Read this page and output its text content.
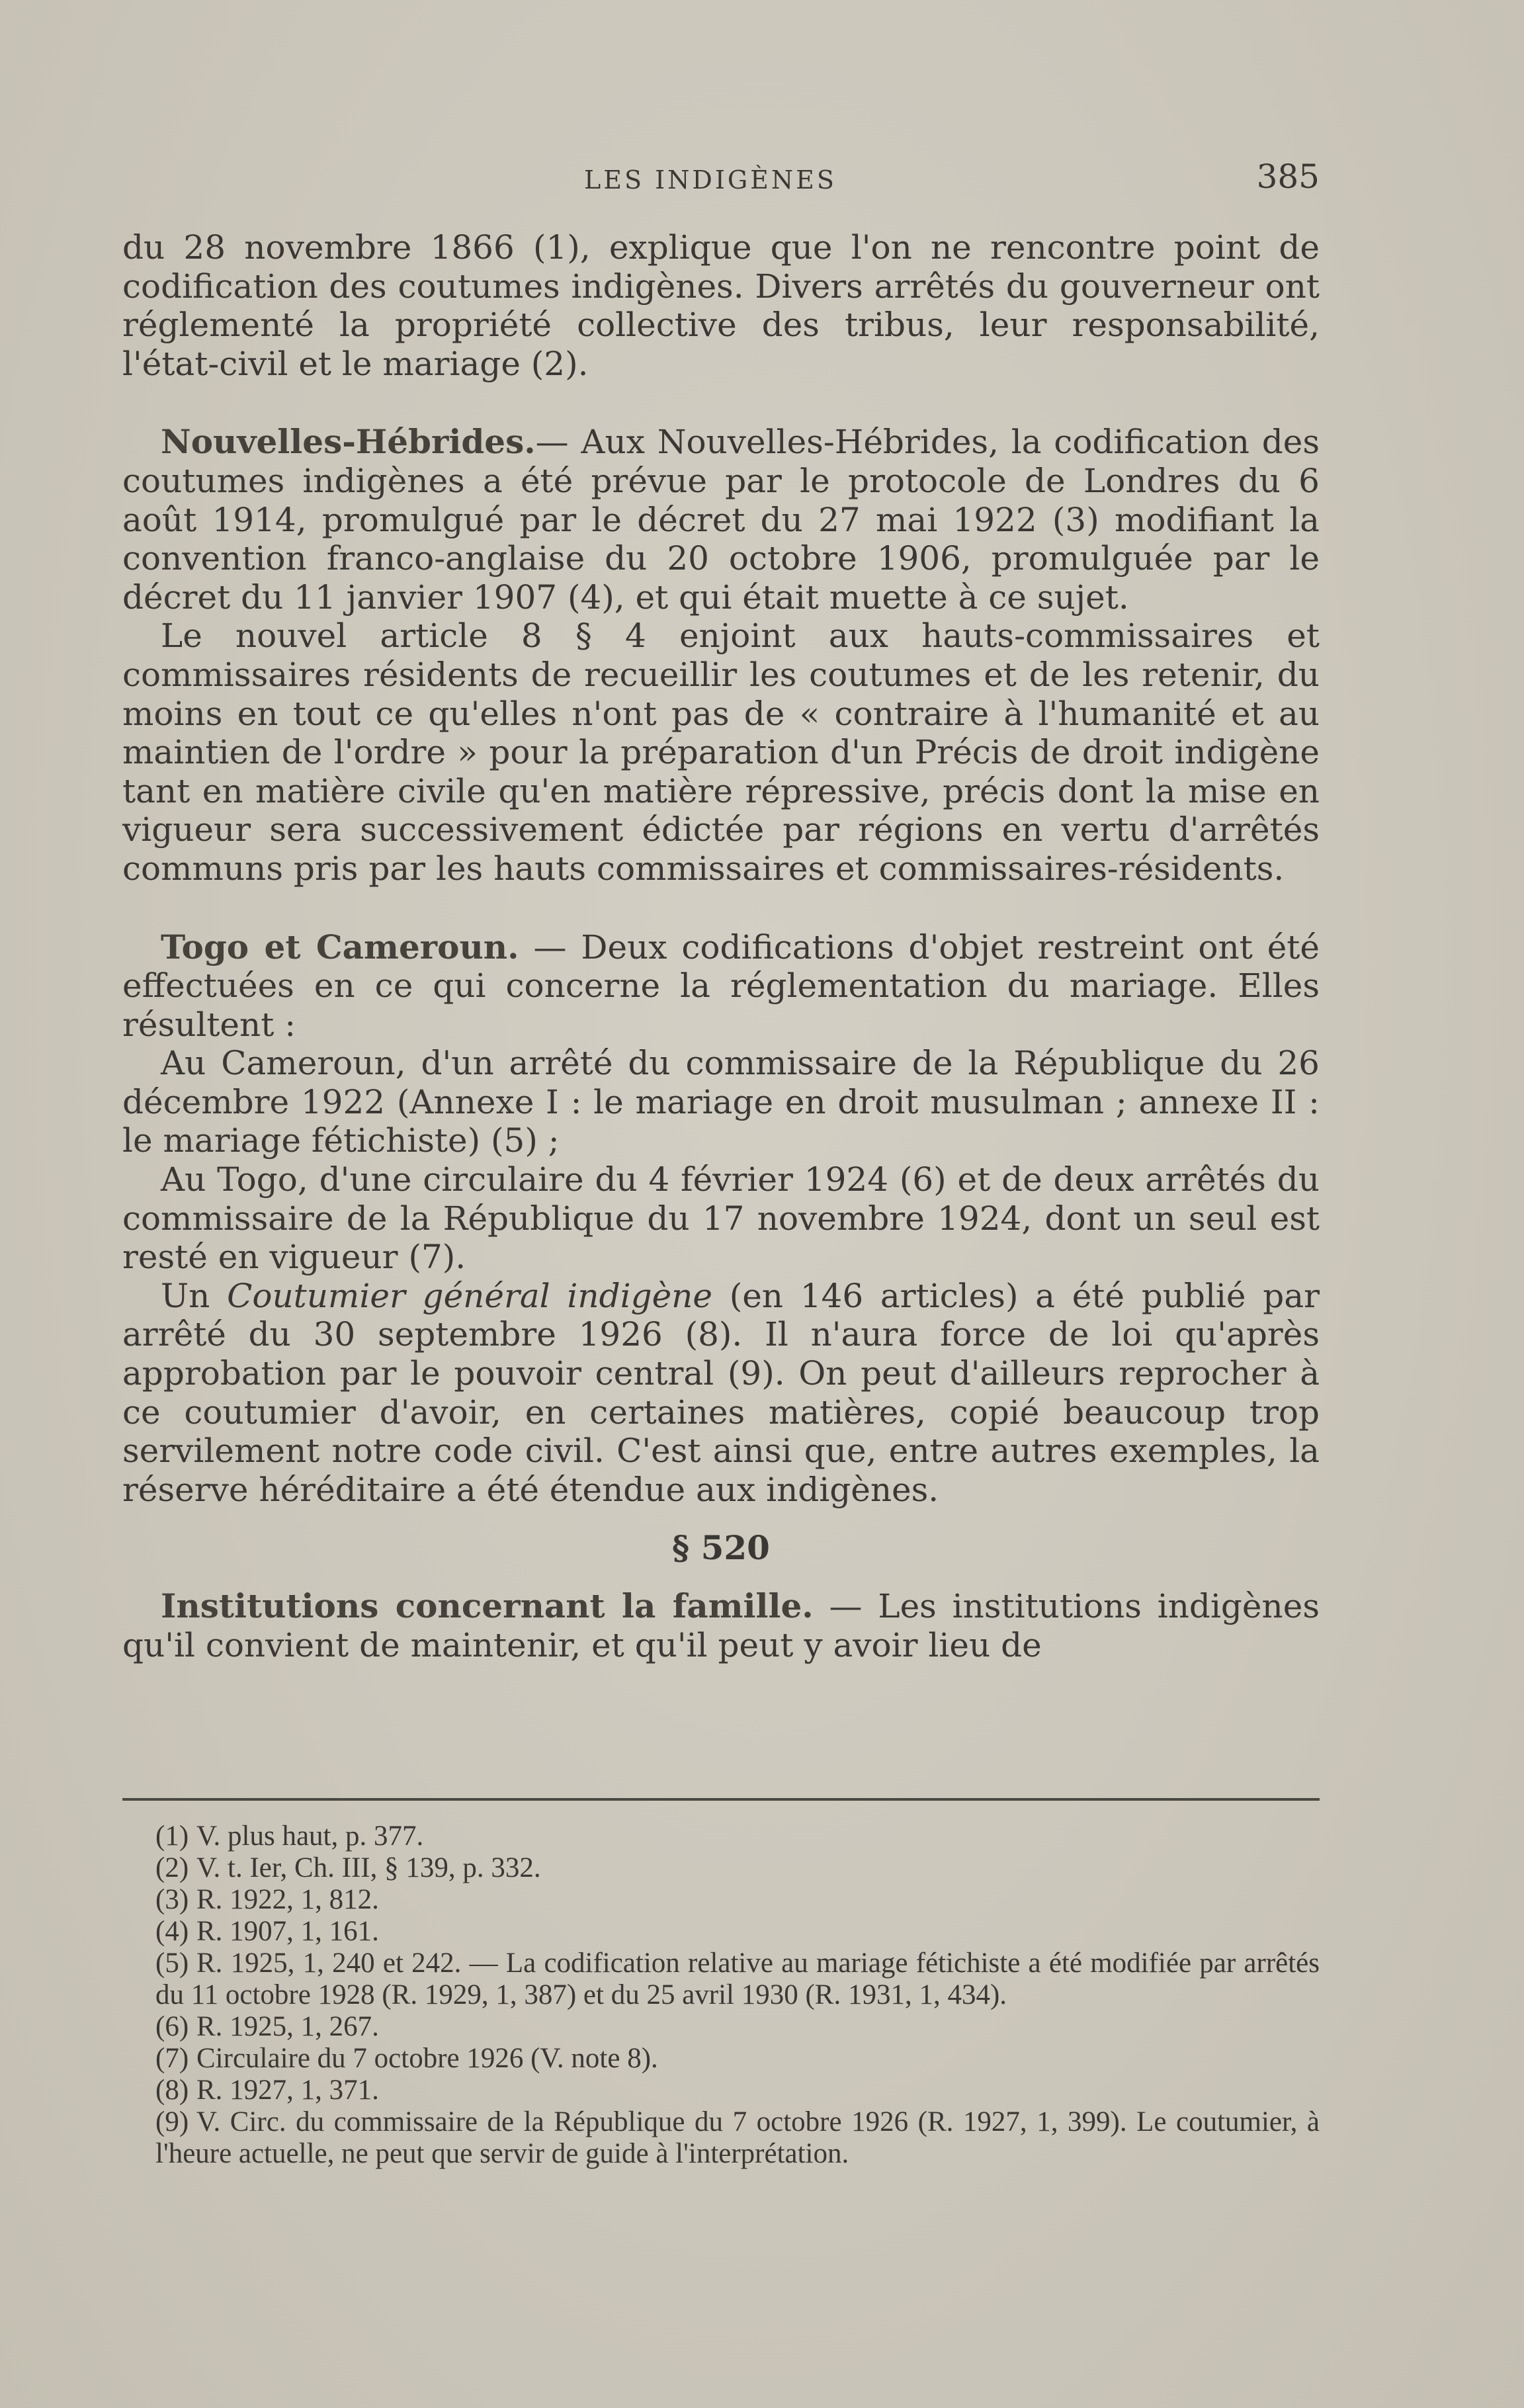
LES INDIGÈNES	385

du 28 novembre 1866 (1), explique que l'on ne rencontre point de codification des coutumes indigènes. Divers arrêtés du gouverneur ont réglementé la propriété collective des tribus, leur responsabilité, l'état-civil et le mariage (2).

Nouvelles-Hébrides.— Aux Nouvelles-Hébrides, la codification des coutumes indigènes a été prévue par le protocole de Londres du 6 août 1914, promulgué par le décret du 27 mai 1922 (3) modifiant la convention franco-anglaise du 20 octobre 1906, promulguée par le décret du 11 janvier 1907 (4), et qui était muette à ce sujet.

Le nouvel article 8 § 4 enjoint aux hauts-commissaires et commissaires résidents de recueillir les coutumes et de les retenir, du moins en tout ce qu'elles n'ont pas de « contraire à l'humanité et au maintien de l'ordre » pour la préparation d'un Précis de droit indigène tant en matière civile qu'en matière répressive, précis dont la mise en vigueur sera successivement édictée par régions en vertu d'arrêtés communs pris par les hauts commissaires et commissaires-résidents.

Togo et Cameroun. — Deux codifications d'objet restreint ont été effectuées en ce qui concerne la réglementation du mariage. Elles résultent :

Au Cameroun, d'un arrêté du commissaire de la République du 26 décembre 1922 (Annexe I : le mariage en droit musulman ; annexe II : le mariage fétichiste) (5) ;

Au Togo, d'une circulaire du 4 février 1924 (6) et de deux arrêtés du commissaire de la République du 17 novembre 1924, dont un seul est resté en vigueur (7).

Un Coutumier général indigène (en 146 articles) a été publié par arrêté du 30 septembre 1926 (8). Il n'aura force de loi qu'après approbation par le pouvoir central (9). On peut d'ailleurs reprocher à ce coutumier d'avoir, en certaines matières, copié beaucoup trop servilement notre code civil. C'est ainsi que, entre autres exemples, la réserve héréditaire a été étendue aux indigènes.

§ 520

Institutions concernant la famille. — Les institutions indigènes qu'il convient de maintenir, et qu'il peut y avoir lieu de

(1) V. plus haut, p. 377.

(2) V. t. Ier, Ch. III, § 139, p. 332.

(3) R. 1922, 1, 812.

(4) R. 1907, 1, 161.

(5) R. 1925, 1, 240 et 242. — La codification relative au mariage fétichiste a été modifiée par arrêtés du 11 octobre 1928 (R. 1929, 1, 387) et du 25 avril 1930 (R. 1931, 1, 434).

(6) R. 1925, 1, 267.

(7) Circulaire du 7 octobre 1926 (V. note 8).

(8) R. 1927, 1, 371.

(9) V. Circ. du commissaire de la République du 7 octobre 1926 (R. 1927, 1, 399). Le coutumier, à l'heure actuelle, ne peut que servir de guide à l'interprétation.
